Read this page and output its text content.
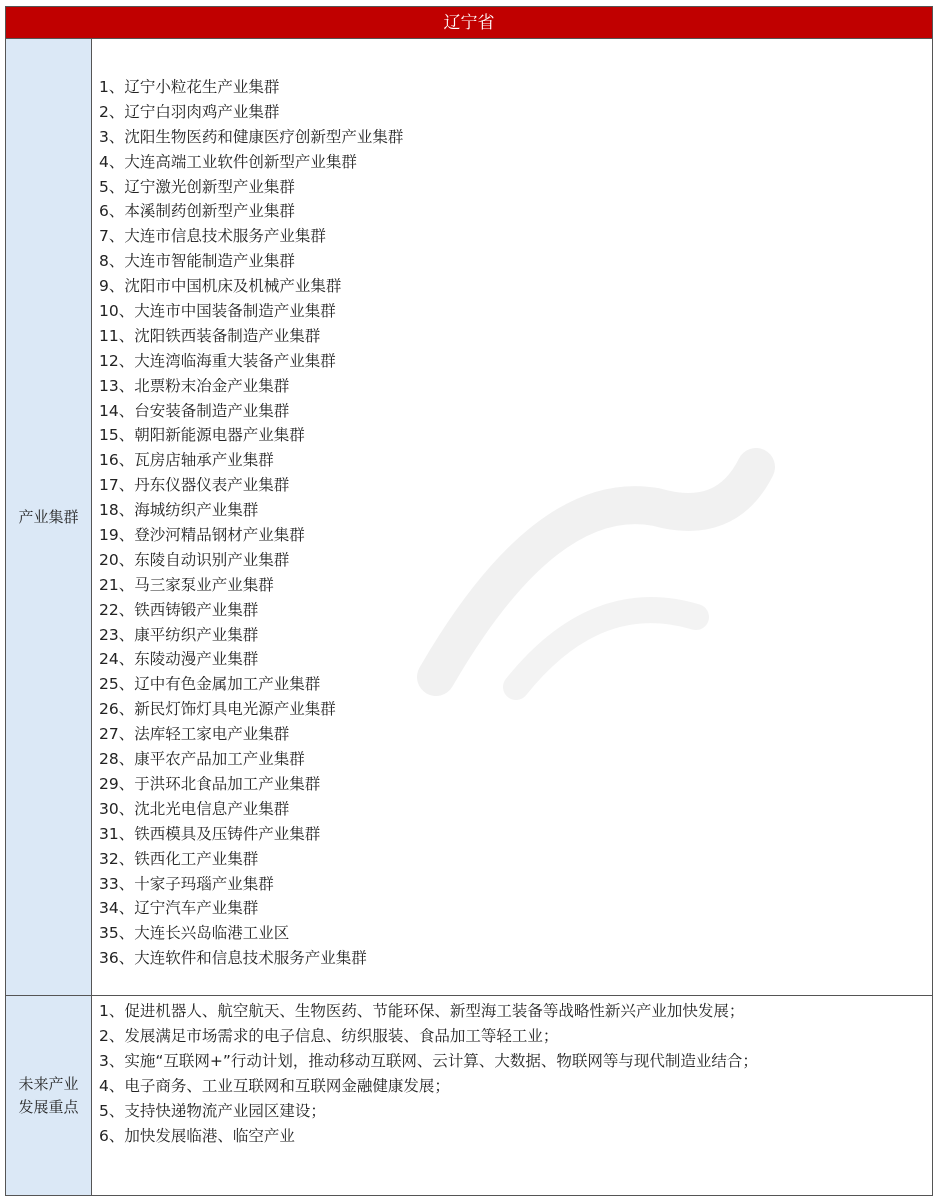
辽宁省
产业集群
1、辽宁小粒花生产业集群
2、辽宁白羽肉鸡产业集群
3、沈阳生物医药和健康医疗创新型产业集群
4、大连高端工业软件创新型产业集群
5、辽宁激光创新型产业集群
6、本溪制药创新型产业集群
7、大连市信息技术服务产业集群
8、大连市智能制造产业集群
9、沈阳市中国机床及机械产业集群
10、大连市中国装备制造产业集群
11、沈阳铁西装备制造产业集群
12、大连湾临海重大装备产业集群
13、北票粉末冶金产业集群
14、台安装备制造产业集群
15、朝阳新能源电器产业集群
16、瓦房店轴承产业集群
17、丹东仪器仪表产业集群
18、海城纺织产业集群
19、登沙河精品钢材产业集群
20、东陵自动识别产业集群
21、马三家泵业产业集群
22、铁西铸锻产业集群
23、康平纺织产业集群
24、东陵动漫产业集群
25、辽中有色金属加工产业集群
26、新民灯饰灯具电光源产业集群
27、法库轻工家电产业集群
28、康平农产品加工产业集群
29、于洪环北食品加工产业集群
30、沈北光电信息产业集群
31、铁西模具及压铸件产业集群
32、铁西化工产业集群
33、十家子玛瑙产业集群
34、辽宁汽车产业集群
35、大连长兴岛临港工业区
36、大连软件和信息技术服务产业集群
未来产业
发展重点
1、促进机器人、航空航天、生物医药、节能环保、新型海工装备等战略性新兴产业加快发展；
2、发展满足市场需求的电子信息、纺织服装、食品加工等轻工业；
3、实施“互联网+”行动计划，推动移动互联网、云计算、大数据、物联网等与现代制造业结合；
4、电子商务、工业互联网和互联网金融健康发展；
5、支持快递物流产业园区建设；
6、加快发展临港、临空产业
